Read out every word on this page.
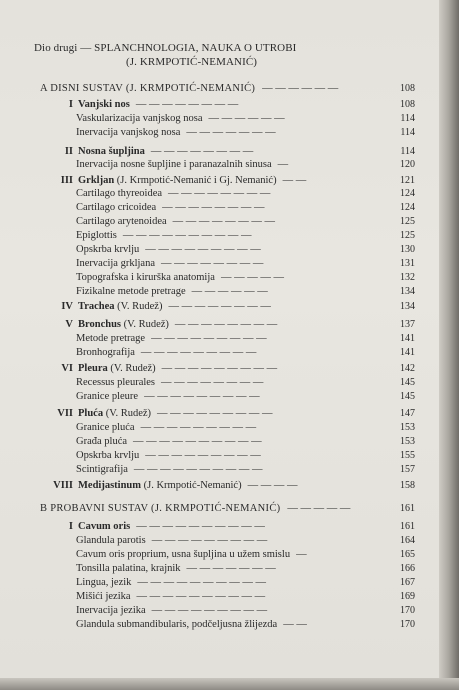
Dio drugi — SPLANCHNOLOGIA, NAUKA O UTROBI
(J. KRMPOTIĆ-NEMANIĆ)
A DISNI SUSTAV (J. KRMPOTIĆ-NEMANIĆ) — — — — — —	108
I Vanjski nos — — — — — — — —	108
Vaskularizacija vanjskog nosa — — — — — —	114
Inervacija vanjskog nosa — — — — — — —	114
II Nosna šupljina — — — — — — — —	114
Inervacija nosne šupljine i paranazalnih sinusa —	120
III Grkljan (J. Krmpotić-Nemanić i Gj. Nemanić) — —	121
Cartilago thyreoidea — — — — — — — —	124
Cartilago cricoidea — — — — — — — —	124
Cartilago arytenoidea — — — — — — — —	125
Epiglottis — — — — — — — — — —	125
Opskrba krvlju — — — — — — — — —	130
Inervacija grkljana — — — — — — — —	131
Topografska i kirurška anatomija — — — — —	132
Fizikalne metode pretrage — — — — — —	134
IV Trachea (V. Rudež) — — — — — — — —	134
V Bronchus (V. Rudež) — — — — — — — —	137
Metode pretrage — — — — — — — — —	141
Bronhografija — — — — — — — — —	141
VI Pleura (V. Rudež) — — — — — — — — —	142
Recessus pleurales — — — — — — — —	145
Granice pleure — — — — — — — — —	145
VII Pluća (V. Rudež) — — — — — — — — —	147
Granice pluća — — — — — — — — —	153
Građa pluća — — — — — — — — — —	153
Opskrba krvlju — — — — — — — — —	155
Scintigrafija — — — — — — — — — —	157
VIII Medijastinum (J. Krmpotić-Nemanić) — — — —	158
B PROBAVNI SUSTAV (J. KRMPOTIĆ-NEMANIĆ) — — — — —	161
I Cavum oris — — — — — — — — — —	161
Glandula parotis — — — — — — — — —	164
Cavum oris proprium, usna šupljina u užem smislu —	165
Tonsilla palatina, krajnik — — — — — — —	166
Lingua, jezik — — — — — — — — — —	167
Mišići jezika — — — — — — — — — —	169
Inervacija jezika — — — — — — — — —	170
Glandula submandibularis, podčeljusna žlijezda — —	170
